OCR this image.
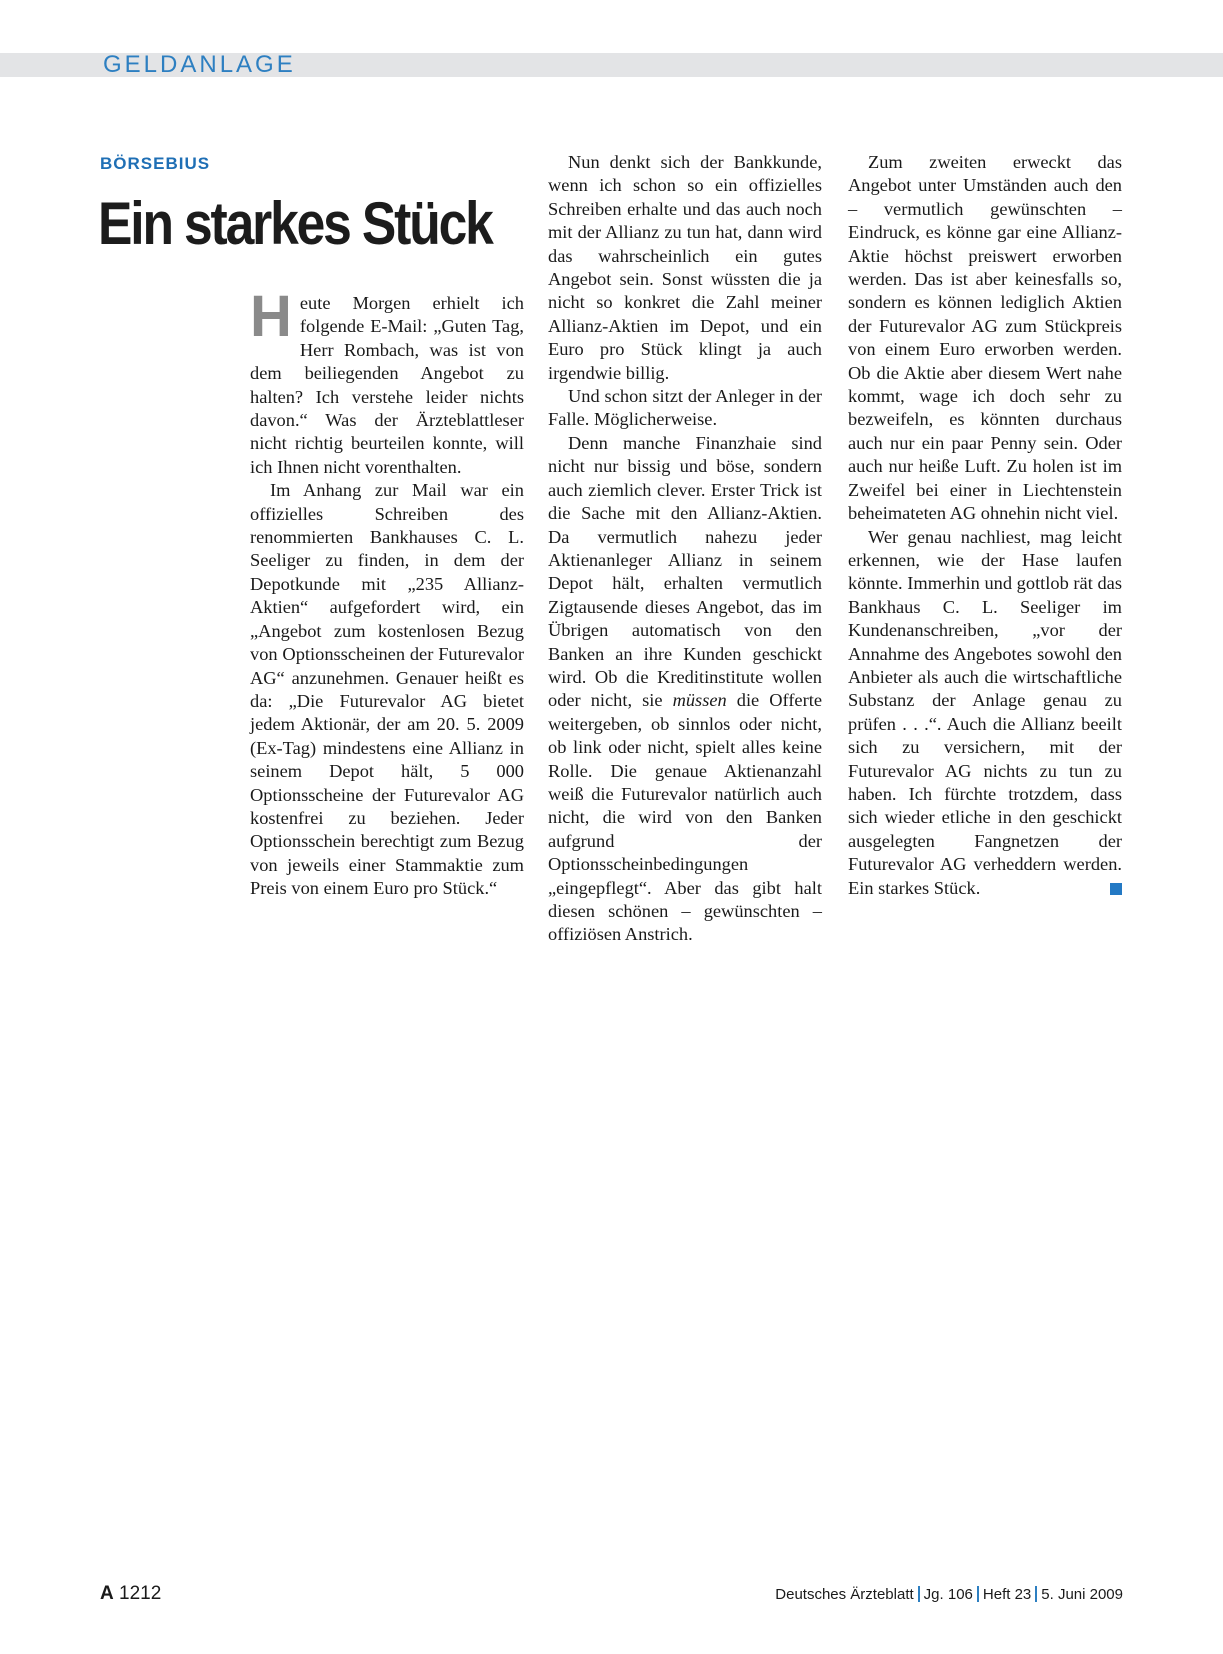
GELDANLAGE
BÖRSEBIUS
Ein starkes Stück

Heute Morgen erhielt ich folgende E-Mail: „Guten Tag, Herr Rombach, was ist von dem beiliegenden Angebot zu halten? Ich verstehe leider nichts davon.“ Was der Ärzteblattleser nicht richtig beurteilen konnte, will ich Ihnen nicht vorenthalten.

Im Anhang zur Mail war ein offizielles Schreiben des renommierten Bankhauses C. L. Seeliger zu finden, in dem der Depotkunde mit „235 Allianz-Aktien“ aufgefordert wird, ein „Angebot zum kostenlosen Bezug von Optionsscheinen der Futurevalor AG“ anzunehmen. Genauer heißt es da: „Die Futurevalor AG bietet jedem Aktionär, der am 20. 5. 2009 (Ex-Tag) mindestens eine Allianz in seinem Depot hält, 5 000 Optionsscheine der Futurevalor AG kostenfrei zu beziehen. Jeder Optionsschein berechtigt zum Bezug von jeweils einer Stammaktie zum Preis von einem Euro pro Stück.“

Nun denkt sich der Bankkunde, wenn ich schon so ein offizielles Schreiben erhalte und das auch noch mit der Allianz zu tun hat, dann wird das wahrscheinlich ein gutes Angebot sein. Sonst wüssten die ja nicht so konkret die Zahl meiner Allianz-Aktien im Depot, und ein Euro pro Stück klingt ja auch irgendwie billig.

Und schon sitzt der Anleger in der Falle. Möglicherweise.

Denn manche Finanzhaie sind nicht nur bissig und böse, sondern auch ziemlich clever. Erster Trick ist die Sache mit den Allianz-Aktien. Da vermutlich nahezu jeder Aktienanleger Allianz in seinem Depot hält, erhalten vermutlich Zigtausende dieses Angebot, das im Übrigen automatisch von den Banken an ihre Kunden geschickt wird. Ob die Kreditinstitute wollen oder nicht, sie müssen die Offerte weitergeben, ob sinnlos oder nicht, ob link oder nicht, spielt alles keine Rolle. Die genaue Aktienanzahl weiß die Futurevalor natürlich auch nicht, die wird von den Banken aufgrund der Optionsscheinbedingungen „eingepflegt“. Aber das gibt halt diesen schönen – gewünschten – offiziösen Anstrich.

Zum zweiten erweckt das Angebot unter Umständen auch den – vermutlich gewünschten – Eindruck, es könne gar eine Allianz-Aktie höchst preiswert erworben werden. Das ist aber keinesfalls so, sondern es können lediglich Aktien der Futurevalor AG zum Stückpreis von einem Euro erworben werden. Ob die Aktie aber diesem Wert nahe kommt, wage ich doch sehr zu bezweifeln, es könnten durchaus auch nur ein paar Penny sein. Oder auch nur heiße Luft. Zu holen ist im Zweifel bei einer in Liechtenstein beheimateten AG ohnehin nicht viel.

Wer genau nachliest, mag leicht erkennen, wie der Hase laufen könnte. Immerhin und gottlob rät das Bankhaus C. L. Seeliger im Kundenanschreiben, „vor der Annahme des Angebotes sowohl den Anbieter als auch die wirtschaftliche Substanz der Anlage genau zu prüfen . . .“. Auch die Allianz beeilt sich zu versichern, mit der Futurevalor AG nichts zu tun zu haben. Ich fürchte trotzdem, dass sich wieder etliche in den geschickt ausgelegten Fangnetzen der Futurevalor AG verheddern werden. Ein starkes Stück.

A 1212	Deutsches Ärzteblatt Jg. 106 Heft 23 5. Juni 2009
